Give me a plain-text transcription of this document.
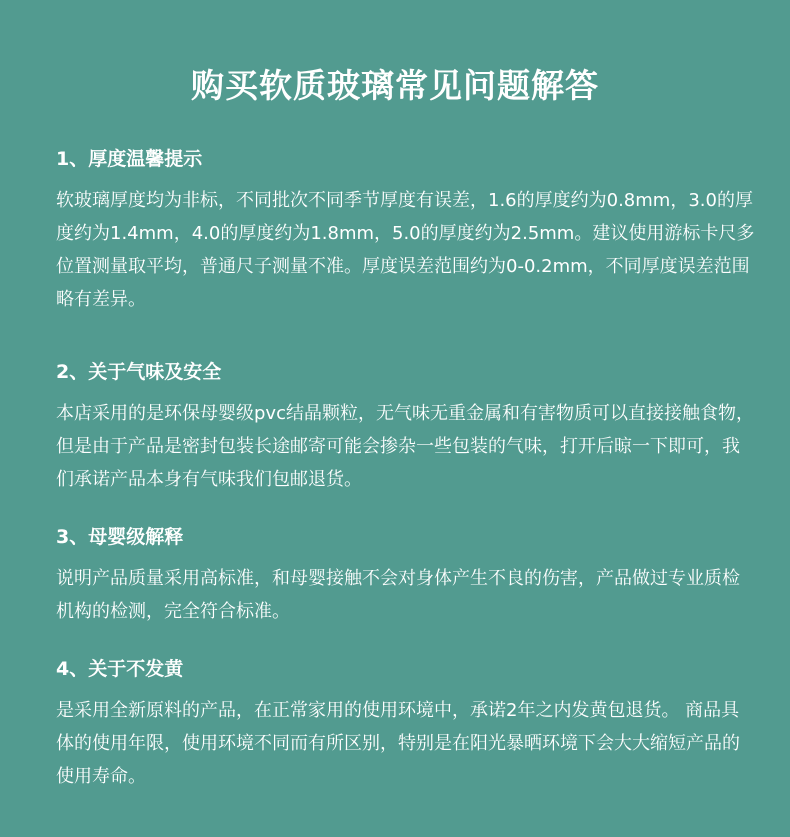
购买软质玻璃常见问题解答
1、厚度温馨提示

软玻璃厚度均为非标，不同批次不同季节厚度有误差，1.6的厚度约为0.8mm，3.0的厚度约为1.4mm，4.0的厚度约为1.8mm，5.0的厚度约为2.5mm。建议使用游标卡尺多位置测量取平均，普通尺子测量不准。厚度误差范围约为0-0.2mm，不同厚度误差范围略有差异。

2、关于气味及安全

本店采用的是环保母婴级pvc结晶颗粒，无气味无重金属和有害物质可以直接接触食物，但是由于产品是密封包装长途邮寄可能会掺杂一些包装的气味，打开后晾一下即可，我们承诺产品本身有气味我们包邮退货。

3、母婴级解释

说明产品质量采用高标准，和母婴接触不会对身体产生不良的伤害，产品做过专业质检机构的检测，完全符合标准。

4、关于不发黄

是采用全新原料的产品，在正常家用的使用环境中，承诺2年之内发黄包退货。 商品具体的使用年限，使用环境不同而有所区别，特别是在阳光暴晒环境下会大大缩短产品的使用寿命。
